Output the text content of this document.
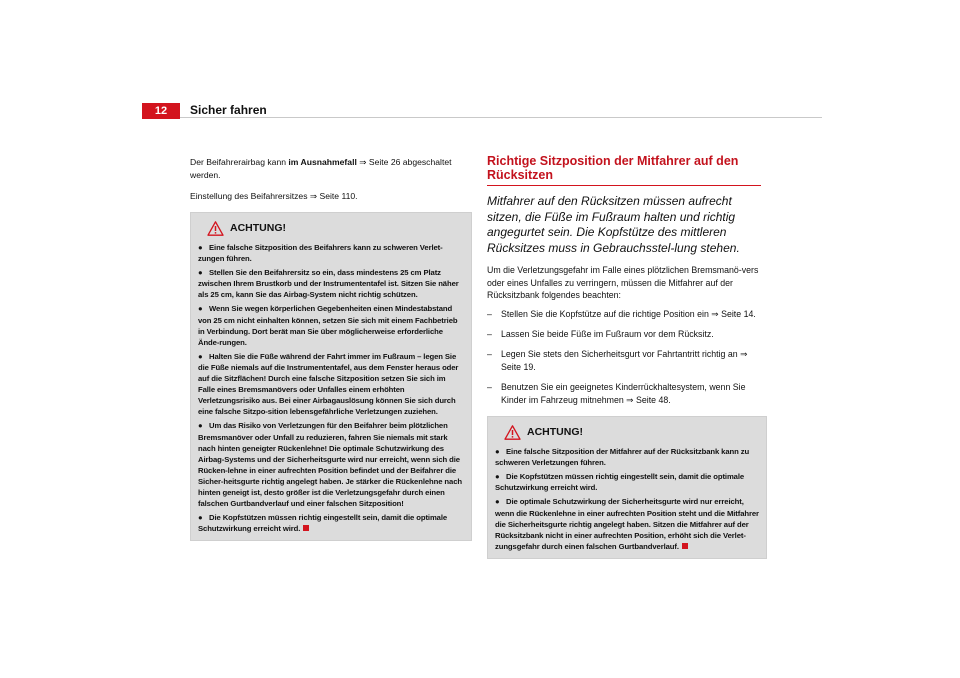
12	Sicher fahren

Der Beifahrerairbag kann im Ausnahmefall ⇒ Seite 26 abgeschaltet werden.

Einstellung des Beifahrersitzes ⇒ Seite 110.

ACHTUNG!
● Eine falsche Sitzposition des Beifahrers kann zu schweren Verlet-zungen führen.
● Stellen Sie den Beifahrersitz so ein, dass mindestens 25 cm Platz zwischen Ihrem Brustkorb und der Instrumententafel ist. Sitzen Sie näher als 25 cm, kann Sie das Airbag-System nicht richtig schützen.
● Wenn Sie wegen körperlichen Gegebenheiten einen Mindestabstand von 25 cm nicht einhalten können, setzen Sie sich mit einem Fachbetrieb in Verbindung. Dort berät man Sie über möglicherweise erforderliche Ände-rungen.
● Halten Sie die Füße während der Fahrt immer im Fußraum – legen Sie die Füße niemals auf die Instrumententafel, aus dem Fenster heraus oder auf die Sitzflächen! Durch eine falsche Sitzposition setzen Sie sich im Falle eines Bremsmanövers oder Unfalles einem erhöhten Verletzungsrisiko aus. Bei einer Airbagauslösung können Sie sich durch eine falsche Sitzpo-sition lebensgefährliche Verletzungen zuziehen.
● Um das Risiko von Verletzungen für den Beifahrer beim plötzlichen Bremsmanöver oder Unfall zu reduzieren, fahren Sie niemals mit stark nach hinten geneigter Rückenlehne! Die optimale Schutzwirkung des Airbag-Systems und der Sicherheitsgurte wird nur erreicht, wenn sich die Rücken-lehne in einer aufrechten Position befindet und der Beifahrer die Sicher-heitsgurte richtig angelegt haben. Je stärker die Rückenlehne nach hinten geneigt ist, desto größer ist die Verletzungsgefahr durch einen falschen Gurtbandverlauf und einer falschen Sitzposition!
● Die Kopfstützen müssen richtig eingestellt sein, damit die optimale Schutzwirkung erreicht wird.
Richtige Sitzposition der Mitfahrer auf den Rücksitzen

Mitfahrer auf den Rücksitzen müssen aufrecht sitzen, die Füße im Fußraum halten und richtig angegurtet sein. Die Kopfstütze des mittleren Rücksitzes muss in Gebrauchsstel-lung stehen.

Um die Verletzungsgefahr im Falle eines plötzlichen Bremsmanö-vers oder eines Unfalles zu verringern, müssen die Mitfahrer auf der Rücksitzbank folgendes beachten:

–	Stellen Sie die Kopfstütze auf die richtige Position ein ⇒ Seite 14.
–	Lassen Sie beide Füße im Fußraum vor dem Rücksitz.
–	Legen Sie stets den Sicherheitsgurt vor Fahrtantritt richtig an ⇒ Seite 19.
–	Benutzen Sie ein geeignetes Kinderrückhaltesystem, wenn Sie Kinder im Fahrzeug mitnehmen ⇒ Seite 48.
ACHTUNG!
● Eine falsche Sitzposition der Mitfahrer auf der Rücksitzbank kann zu schweren Verletzungen führen.
● Die Kopfstützen müssen richtig eingestellt sein, damit die optimale Schutzwirkung erreicht wird.
● Die optimale Schutzwirkung der Sicherheitsgurte wird nur erreicht, wenn die Rückenlehne in einer aufrechten Position steht und die Mitfahrer die Sicherheitsgurte richtig angelegt haben. Sitzen die Mitfahrer auf der Rücksitzbank nicht in einer aufrechten Position, erhöht sich die Verlet-zungsgefahr durch einen falschen Gurtbandverlauf.
